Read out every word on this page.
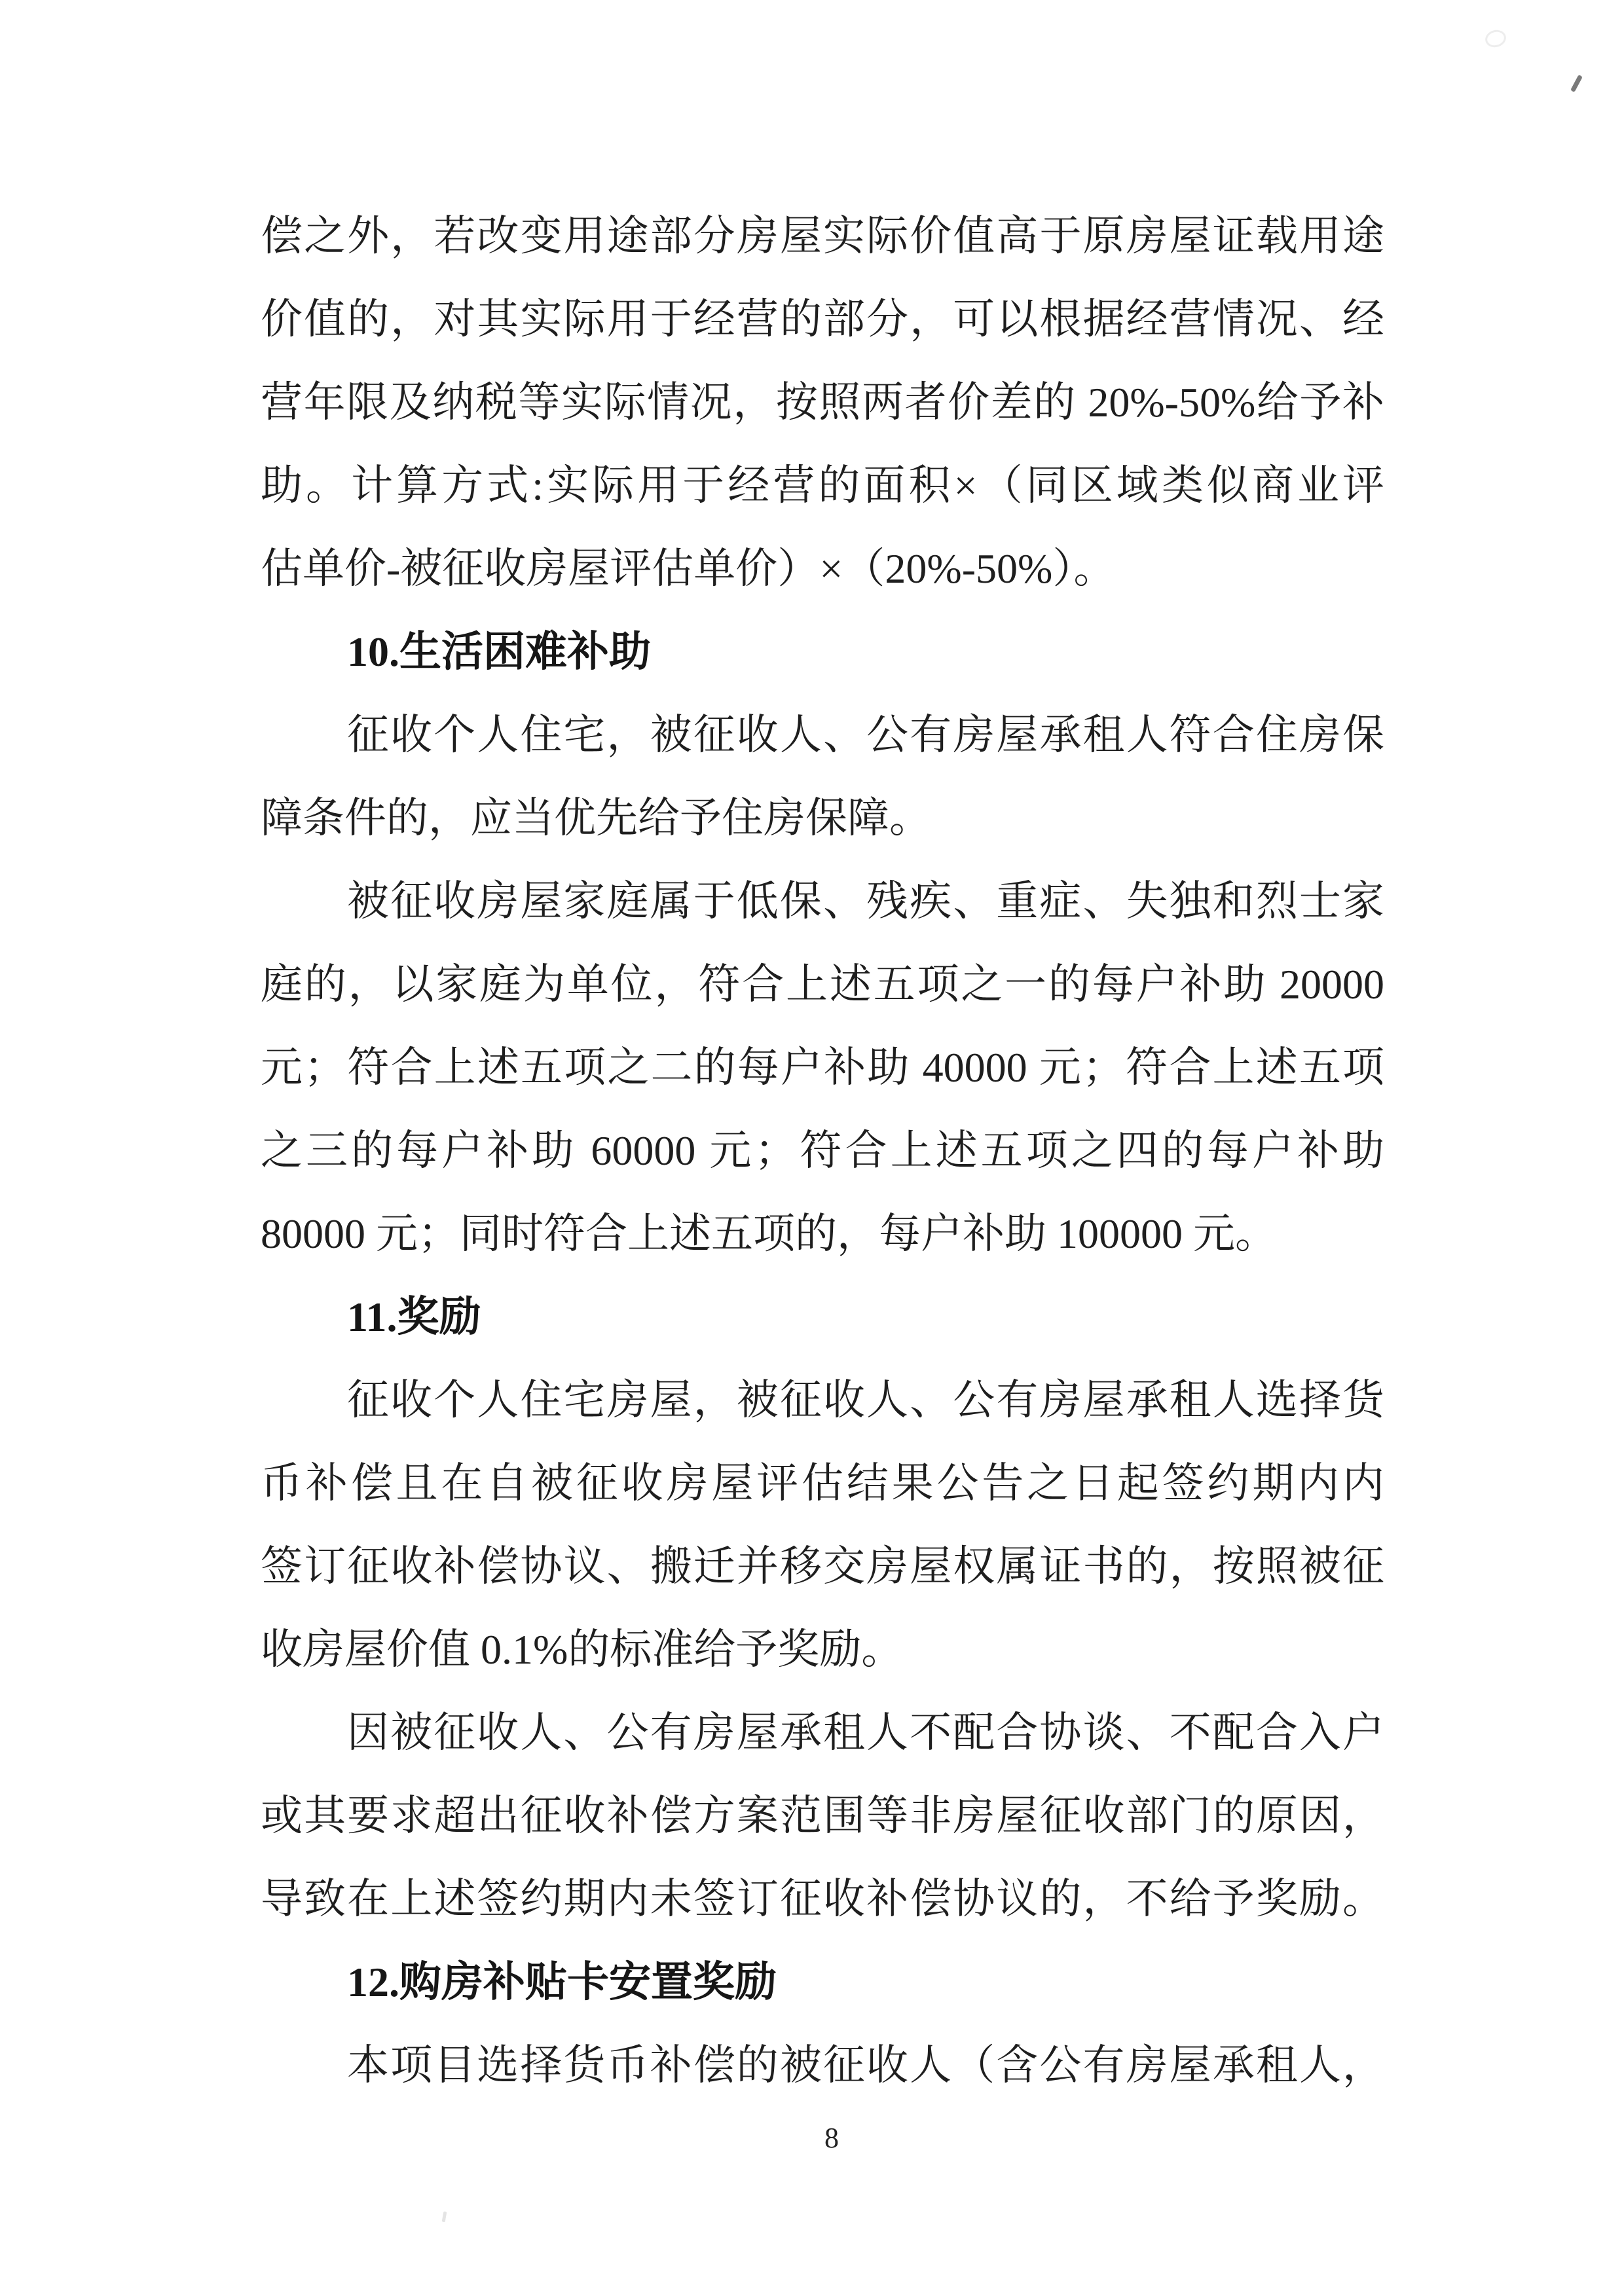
偿之外，若改变用途部分房屋实际价值高于原房屋证载用途
价值的，对其实际用于经营的部分，可以根据经营情况、经
营年限及纳税等实际情况，按照两者价差的 20%-50%给予补
助。计算方式:实际用于经营的面积×（同区域类似商业评
估单价-被征收房屋评估单价）×（20%-50%）。
10.生活困难补助
征收个人住宅，被征收人、公有房屋承租人符合住房保
障条件的，应当优先给予住房保障。
被征收房屋家庭属于低保、残疾、重症、失独和烈士家
庭的，以家庭为单位，符合上述五项之一的每户补助 20000
元；符合上述五项之二的每户补助 40000 元；符合上述五项
之三的每户补助 60000 元；符合上述五项之四的每户补助
80000 元；同时符合上述五项的，每户补助 100000 元。
11.奖励
征收个人住宅房屋，被征收人、公有房屋承租人选择货
币补偿且在自被征收房屋评估结果公告之日起签约期内内
签订征收补偿协议、搬迁并移交房屋权属证书的，按照被征
收房屋价值 0.1%的标准给予奖励。
因被征收人、公有房屋承租人不配合协谈、不配合入户
或其要求超出征收补偿方案范围等非房屋征收部门的原因，
导致在上述签约期内未签订征收补偿协议的，不给予奖励。
12.购房补贴卡安置奖励
本项目选择货币补偿的被征收人（含公有房屋承租人，
8
